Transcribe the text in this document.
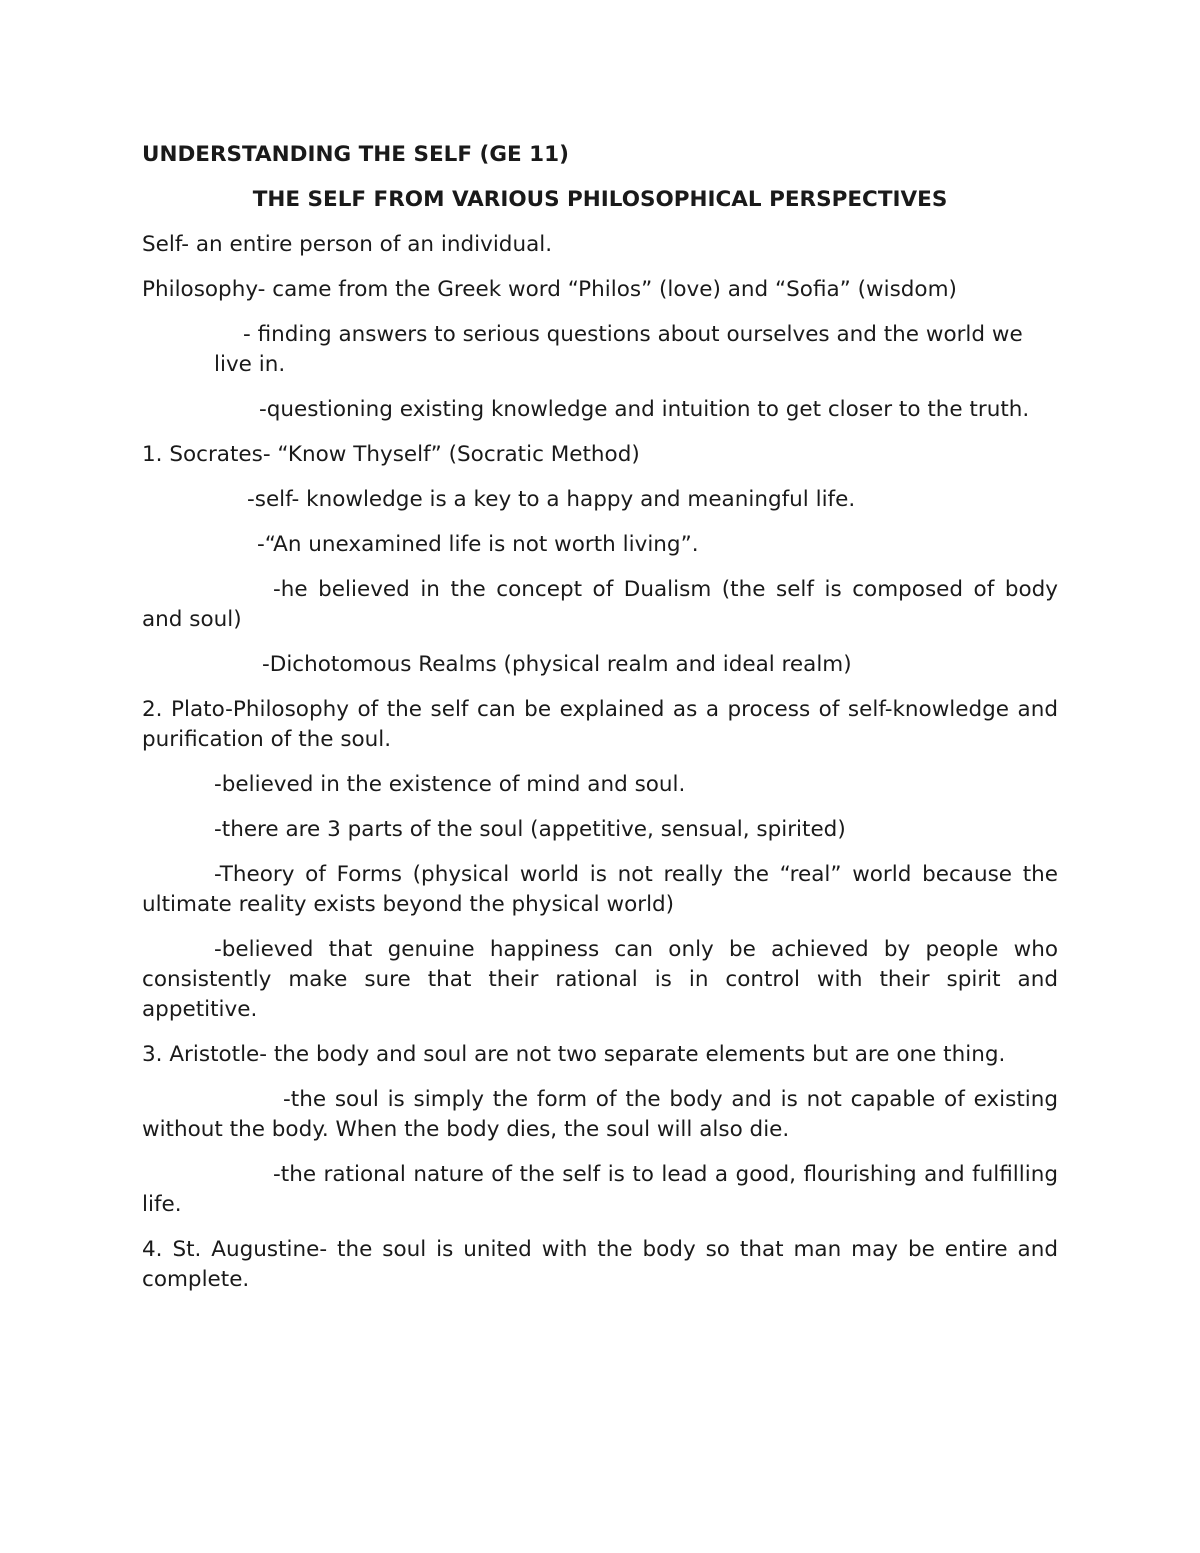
UNDERSTANDING THE SELF (GE 11)
THE SELF FROM VARIOUS PHILOSOPHICAL PERSPECTIVES
Self- an entire person of an individual.
Philosophy- came from the Greek word “Philos” (love) and “Sofia” (wisdom)
- finding answers to serious questions about ourselves and the world we live in.
-questioning existing knowledge and intuition to get closer to the truth.
1. Socrates- “Know Thyself” (Socratic Method)
-self- knowledge is a key to a happy and meaningful life.
-“An unexamined life is not worth living”.
-he believed in the concept of Dualism (the self is composed of body and soul)
-Dichotomous Realms (physical realm and ideal realm)
2. Plato-Philosophy of the self can be explained as a process of self-knowledge and purification of the soul.
-believed in the existence of mind and soul.
-there are 3 parts of the soul (appetitive, sensual, spirited)
-Theory of Forms (physical world is not really the “real” world because the ultimate reality exists beyond the physical world)
-believed that genuine happiness can only be achieved by people who consistently make sure that their rational is in control with their spirit and appetitive.
3. Aristotle- the body and soul are not two separate elements but are one thing.
-the soul is simply the form of the body and is not capable of existing without the body. When the body dies, the soul will also die.
-the rational nature of the self is to lead a good, flourishing and fulfilling life.
4. St. Augustine- the soul is united with the body so that man may be entire and complete.
